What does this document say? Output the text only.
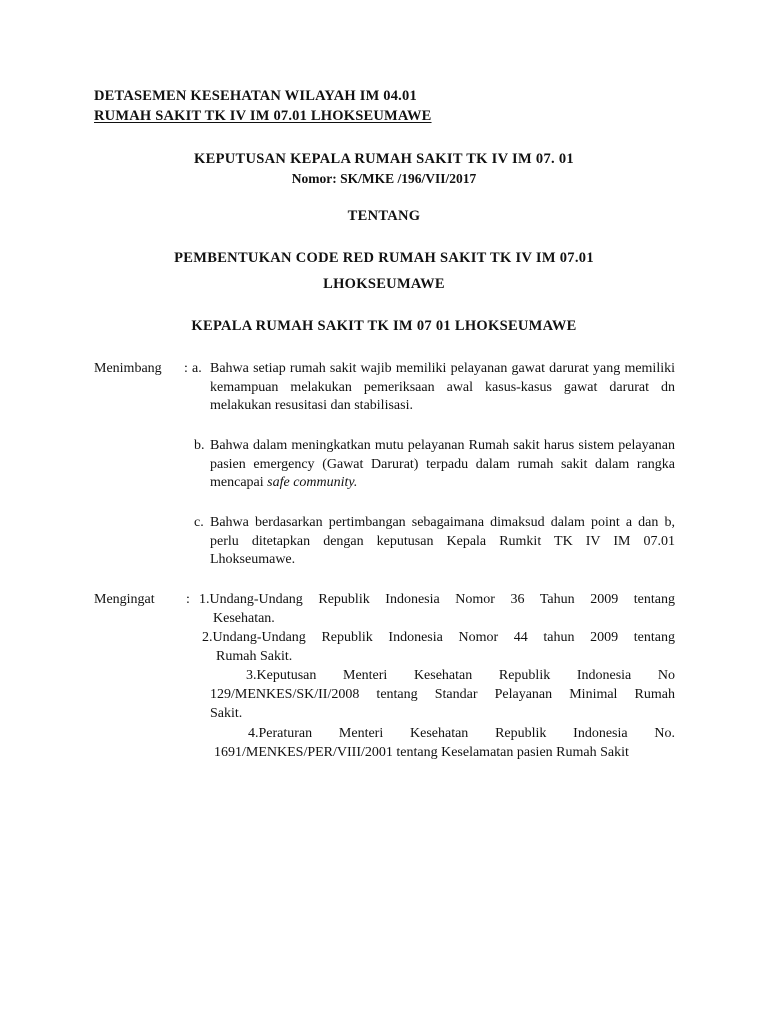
DETASEMEN KESEHATAN WILAYAH IM 04.01
RUMAH SAKIT TK IV IM 07.01 LHOKSEUMAWE
KEPUTUSAN KEPALA RUMAH SAKIT TK IV IM 07. 01
Nomor: SK/MKE /196/VII/2017
TENTANG
PEMBENTUKAN CODE RED RUMAH SAKIT TK IV IM 07.01
LHOKSEUMAWE
KEPALA RUMAH SAKIT TK IM 07 01 LHOKSEUMAWE
Menimbang : a. Bahwa setiap rumah sakit wajib memiliki pelayanan gawat darurat yang memiliki kemampuan melakukan pemeriksaan awal kasus-kasus gawat darurat dn melakukan resusitasi dan stabilisasi.
b. Bahwa dalam meningkatkan mutu pelayanan Rumah sakit harus sistem pelayanan pasien emergency (Gawat Darurat) terpadu dalam rumah sakit dalam rangka mencapai safe community.
c. Bahwa berdasarkan pertimbangan sebagaimana dimaksud dalam point a dan b, perlu ditetapkan dengan keputusan Kepala Rumkit TK IV IM 07.01 Lhokseumawe.
Mengingat : 1.Undang-Undang Republik Indonesia Nomor 36 Tahun 2009 tentang
Kesehatan.
2.Undang-Undang Republik Indonesia Nomor 44 tahun 2009 tentang
Rumah Sakit.
3.Keputusan Menteri Kesehatan Republik Indonesia No
129/MENKES/SK/II/2008 tentang Standar Pelayanan Minimal Rumah
Sakit.
4.Peraturan Menteri Kesehatan Republik Indonesia No.
1691/MENKES/PER/VIII/2001 tentang Keselamatan pasien Rumah Sakit
